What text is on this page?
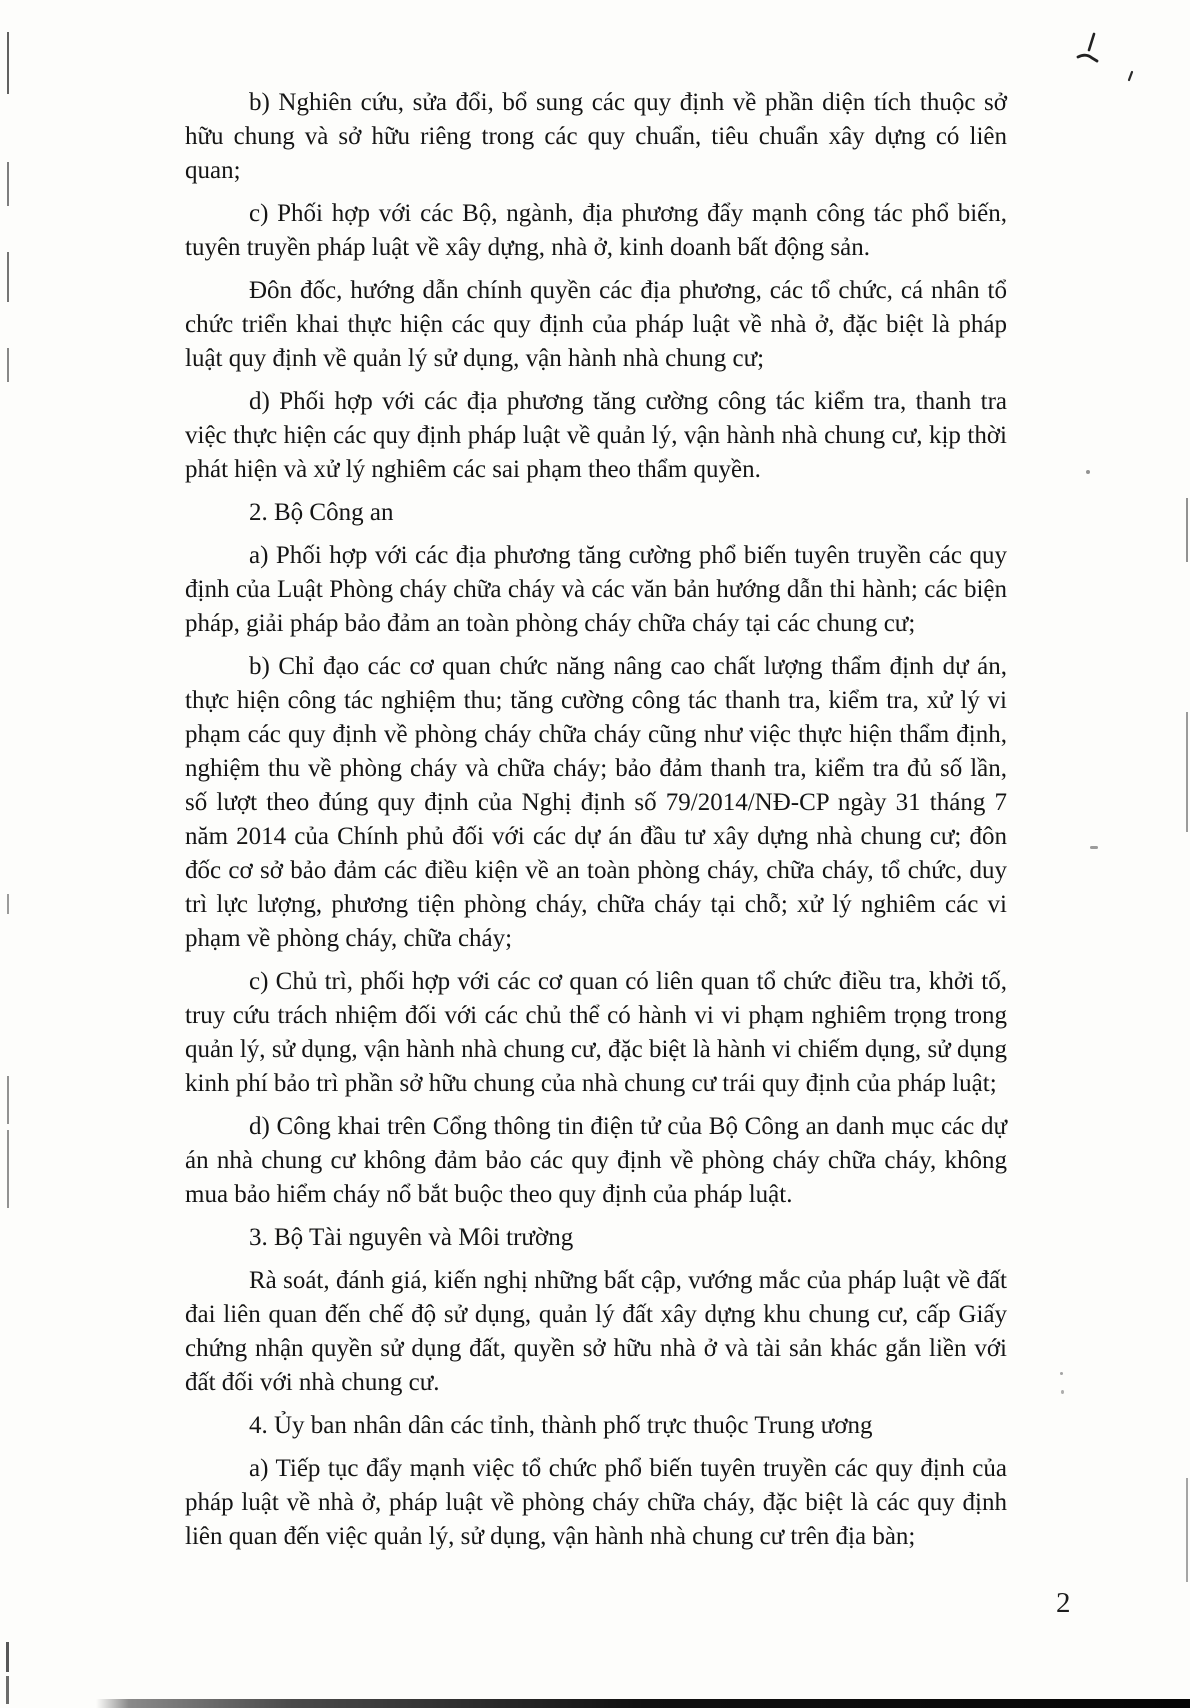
b) Nghiên cứu, sửa đổi, bổ sung các quy định về phần diện tích thuộc sở hữu chung và sở hữu riêng trong các quy chuẩn, tiêu chuẩn xây dựng có liên quan;

c) Phối hợp với các Bộ, ngành, địa phương đẩy mạnh công tác phổ biến, tuyên truyền pháp luật về xây dựng, nhà ở, kinh doanh bất động sản.

Đôn đốc, hướng dẫn chính quyền các địa phương, các tổ chức, cá nhân tổ chức triển khai thực hiện các quy định của pháp luật về nhà ở, đặc biệt là pháp luật quy định về quản lý sử dụng, vận hành nhà chung cư;

d) Phối hợp với các địa phương tăng cường công tác kiểm tra, thanh tra việc thực hiện các quy định pháp luật về quản lý, vận hành nhà chung cư, kịp thời phát hiện và xử lý nghiêm các sai phạm theo thẩm quyền.

2. Bộ Công an

a) Phối hợp với các địa phương tăng cường phổ biến tuyên truyền các quy định của Luật Phòng cháy chữa cháy và các văn bản hướng dẫn thi hành; các biện pháp, giải pháp bảo đảm an toàn phòng cháy chữa cháy tại các chung cư;

b) Chỉ đạo các cơ quan chức năng nâng cao chất lượng thẩm định dự án, thực hiện công tác nghiệm thu; tăng cường công tác thanh tra, kiểm tra, xử lý vi phạm các quy định về phòng cháy chữa cháy cũng như việc thực hiện thẩm định, nghiệm thu về phòng cháy và chữa cháy; bảo đảm thanh tra, kiểm tra đủ số lần, số lượt theo đúng quy định của Nghị định số 79/2014/NĐ-CP ngày 31 tháng 7 năm 2014 của Chính phủ đối với các dự án đầu tư xây dựng nhà chung cư; đôn đốc cơ sở bảo đảm các điều kiện về an toàn phòng cháy, chữa cháy, tổ chức, duy trì lực lượng, phương tiện phòng cháy, chữa cháy tại chỗ; xử lý nghiêm các vi phạm về phòng cháy, chữa cháy;

c) Chủ trì, phối hợp với các cơ quan có liên quan tổ chức điều tra, khởi tố, truy cứu trách nhiệm đối với các chủ thể có hành vi vi phạm nghiêm trọng trong quản lý, sử dụng, vận hành nhà chung cư, đặc biệt là hành vi chiếm dụng, sử dụng kinh phí bảo trì phần sở hữu chung của nhà chung cư trái quy định của pháp luật;

d) Công khai trên Cổng thông tin điện tử của Bộ Công an danh mục các dự án nhà chung cư không đảm bảo các quy định về phòng cháy chữa cháy, không mua bảo hiểm cháy nổ bắt buộc theo quy định của pháp luật.

3. Bộ Tài nguyên và Môi trường

Rà soát, đánh giá, kiến nghị những bất cập, vướng mắc của pháp luật về đất đai liên quan đến chế độ sử dụng, quản lý đất xây dựng khu chung cư, cấp Giấy chứng nhận quyền sử dụng đất, quyền sở hữu nhà ở và tài sản khác gắn liền với đất đối với nhà chung cư.

4. Ủy ban nhân dân các tỉnh, thành phố trực thuộc Trung ương

a) Tiếp tục đẩy mạnh việc tổ chức phổ biến tuyên truyền các quy định của pháp luật về nhà ở, pháp luật về phòng cháy chữa cháy, đặc biệt là các quy định liên quan đến việc quản lý, sử dụng, vận hành nhà chung cư trên địa bàn;

2
